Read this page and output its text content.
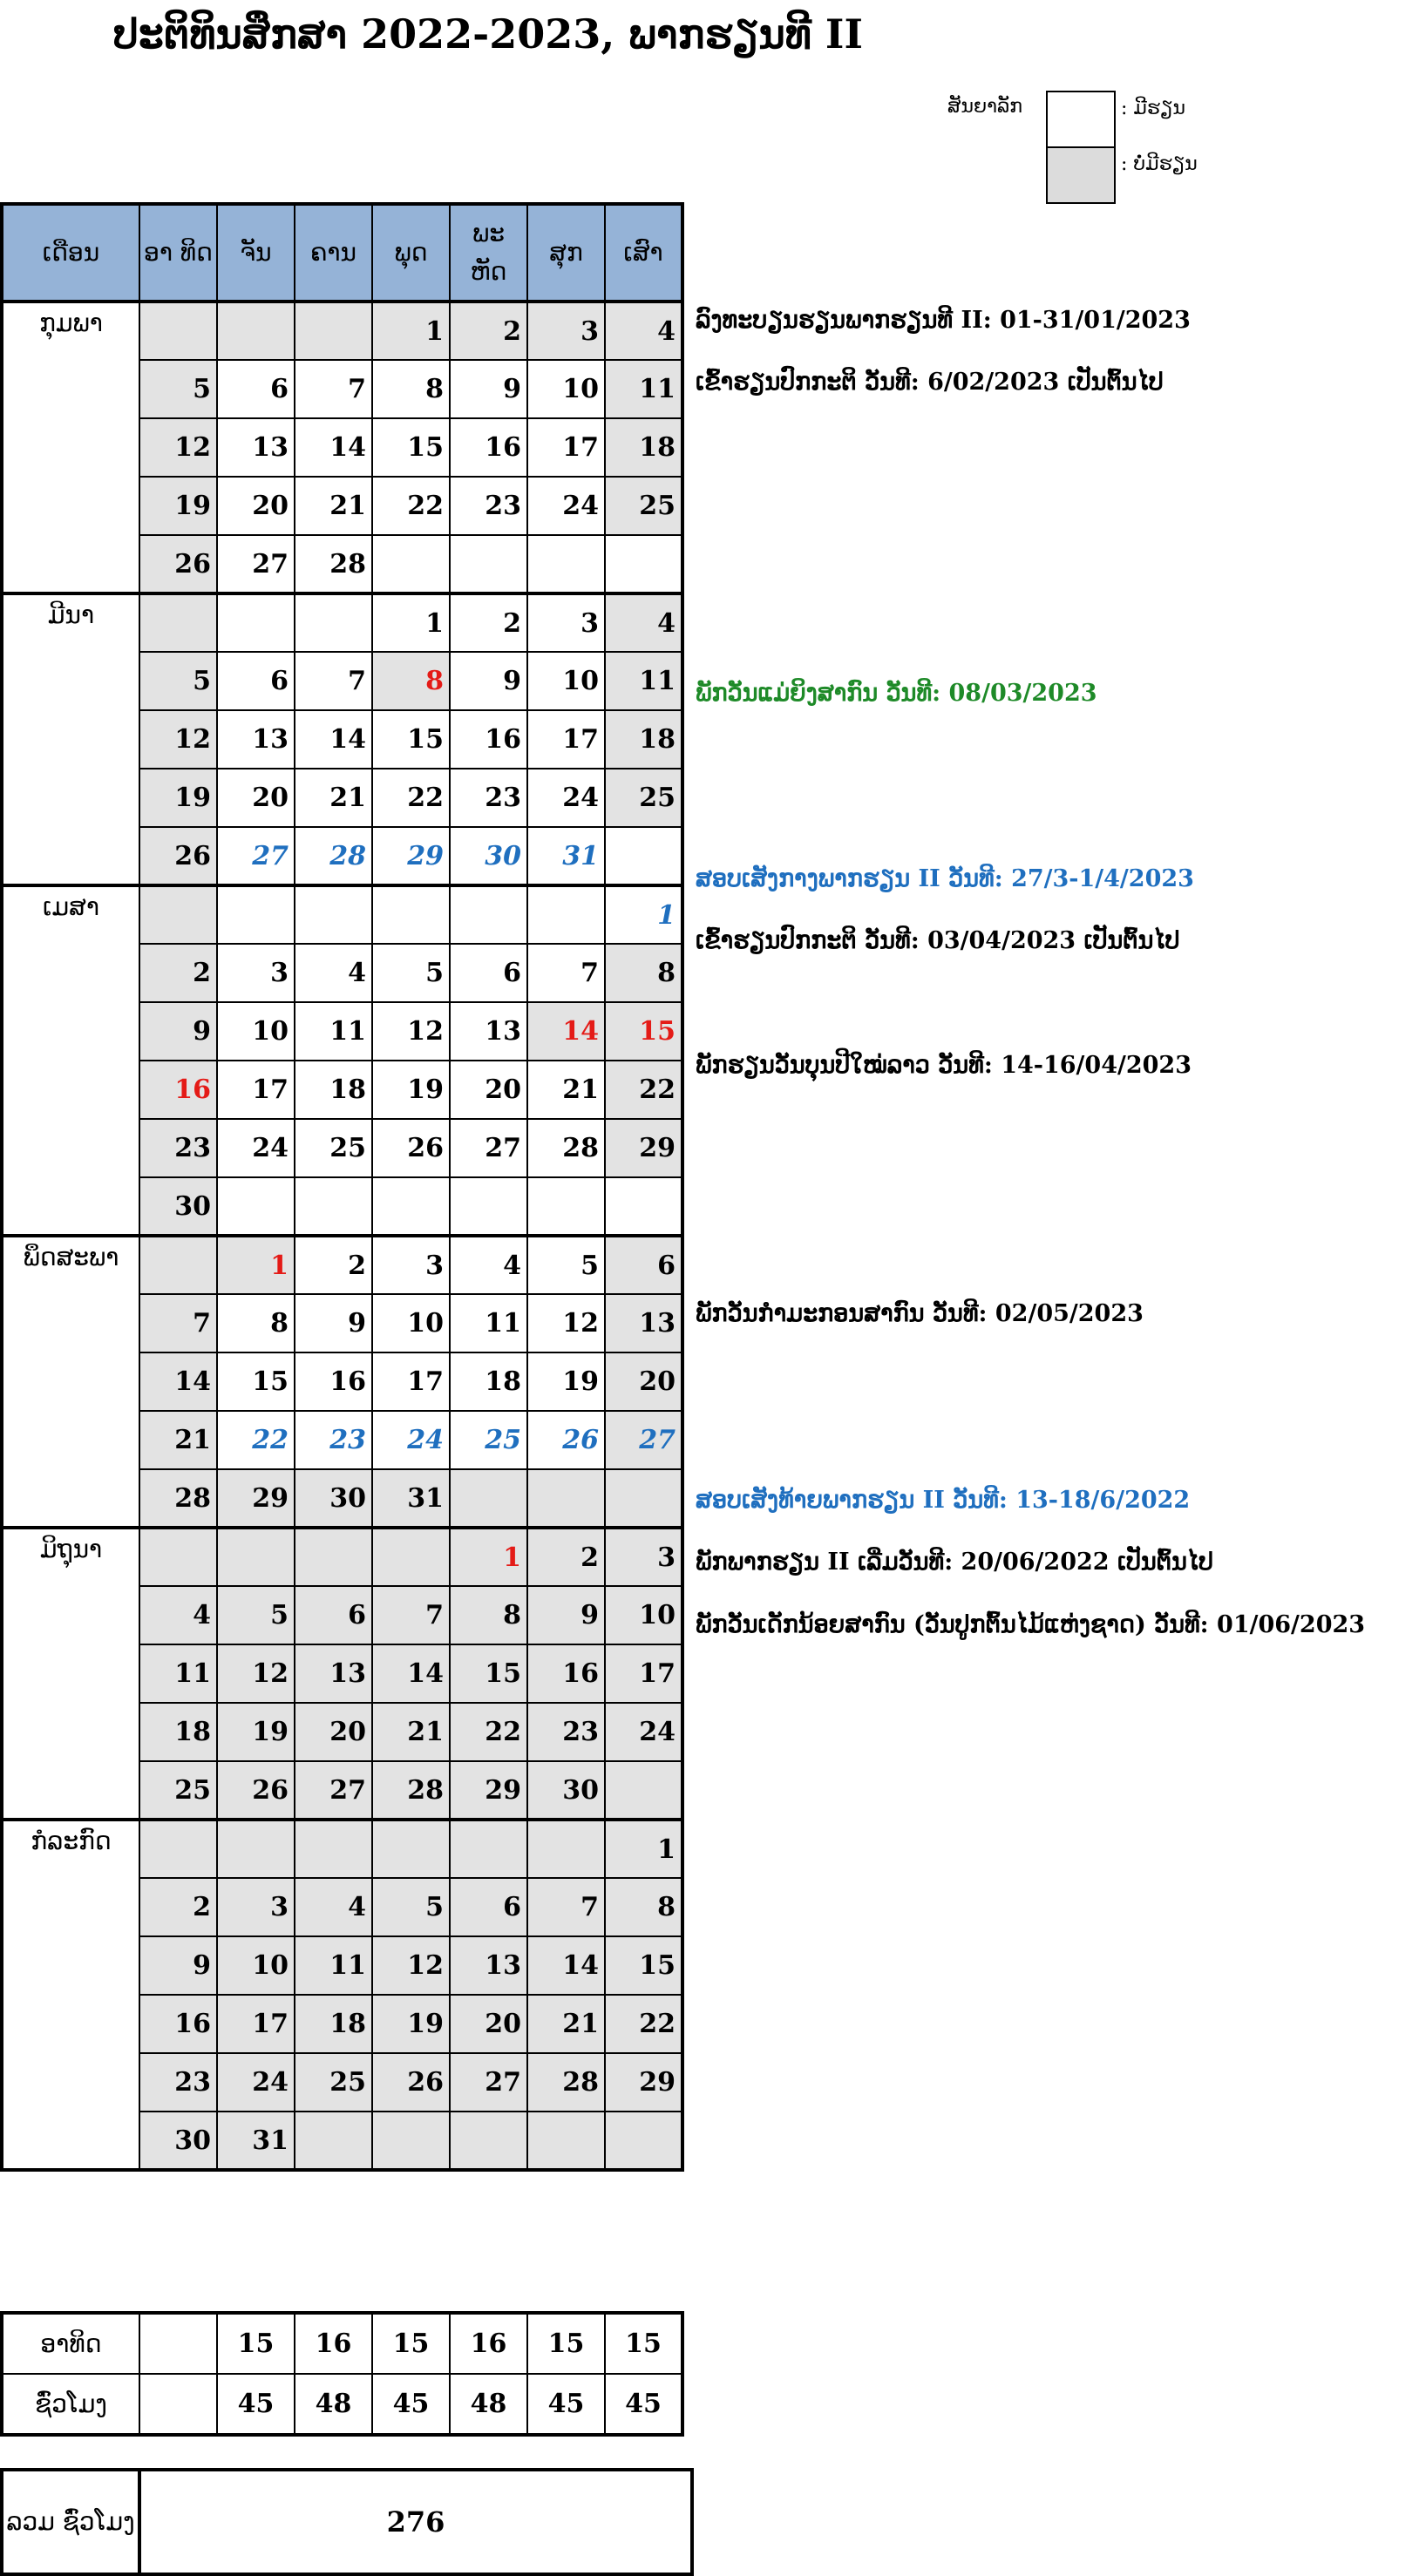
ປະຕິທິນສຶກສາ 2022-2023, ພາກຮຽນທີ II
ສັນຍາລັກ	: ມີຮຽນ
: ບໍ່ມີຮຽນ
ເດືອນ	ອາ ທິດ	ຈັນ	ຄານ	ພຸດ	ພະ ຫັດ	ສຸກ	ເສົາ
ກຸມພາ				1	2	3	4
	5	6	7	8	9	10	11
	12	13	14	15	16	17	18
	19	20	21	22	23	24	25
	26	27	28				
ມີນາ				1	2	3	4
	5	6	7	8	9	10	11
	12	13	14	15	16	17	18
	19	20	21	22	23	24	25
	26	27	28	29	30	31	
ເມສາ							1
	2	3	4	5	6	7	8
	9	10	11	12	13	14	15
	16	17	18	19	20	21	22
	23	24	25	26	27	28	29
	30						
ພຶດສະພາ		1	2	3	4	5	6
	7	8	9	10	11	12	13
	14	15	16	17	18	19	20
	21	22	23	24	25	26	27
	28	29	30	31			
ມິຖຸນາ					1	2	3
	4	5	6	7	8	9	10
	11	12	13	14	15	16	17
	18	19	20	21	22	23	24
	25	26	27	28	29	30	
ກໍລະກົດ							1
	2	3	4	5	6	7	8
	9	10	11	12	13	14	15
	16	17	18	19	20	21	22
	23	24	25	26	27	28	29
	30	31					
ລົງທະບຽນຮຽນພາກຮຽນທີ II: 01-31/01/2023
ເຂົ້າຮຽນປົກກະຕິ ວັນທີ: 6/02/2023 ເປັນຕົ້ນໄປ
ພັກວັນແມ່ຍິງສາກົນ ວັນທີ: 08/03/2023
ສອບເສັງກາງພາກຮຽນ II ວັນທີ: 27/3-1/4/2023
ເຂົ້າຮຽນປົກກະຕິ ວັນທີ: 03/04/2023 ເປັນຕົ້ນໄປ
ພັກຮຽນວັນບຸນປີໃໝ່ລາວ ວັນທີ: 14-16/04/2023
ພັກວັນກຳມະກອນສາກົນ ວັນທີ: 02/05/2023
ສອບເສັງທ້າຍພາກຮຽນ II ວັນທີ: 13-18/6/2022
ພັກພາກຮຽນ II ເລີ່ມວັນທີ: 20/06/2022 ເປັນຕົ້ນໄປ
ພັກວັນເດັກນ້ອຍສາກົນ (ວັນປູກຕົ້ນໄມ້ແຫ່ງຊາດ) ວັນທີ: 01/06/2023
ອາທິດ		15	16	15	16	15	15
ຊົ່ວໂມງ		45	48	45	48	45	45
ລວມ ຊົ່ວໂມງ	276
